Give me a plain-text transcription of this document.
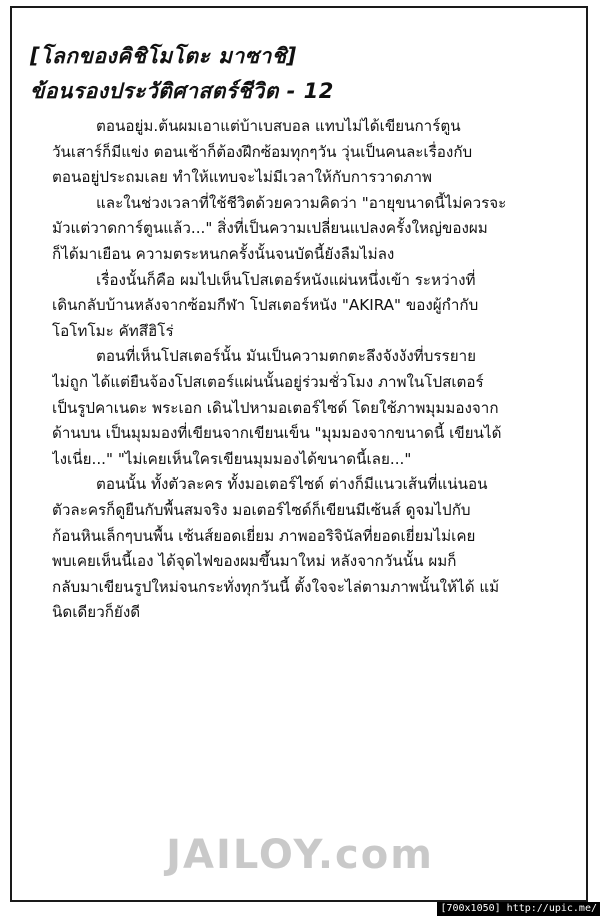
[โลกของคิชิโมโตะ มาซาชิ]
ข้อนรองประวัติศาสตร์ชีวิต - 12
ตอนอยู่ม.ต้นผมเอาแต่บ้าเบสบอล แทบไม่ได้เขียนการ์ตูน
วันเสาร์ก็มีแข่ง ตอนเช้าก็ต้องฝึกซ้อมทุกๆวัน วุ่นเป็นคนละเรื่องกับ
ตอนอยู่ประถมเลย ทำให้แทบจะไม่มีเวลาให้กับการวาดภาพ
และในช่วงเวลาที่ใช้ชีวิตด้วยความคิดว่า "อายุขนาดนี้ไม่ควรจะ
มัวแต่วาดการ์ตูนแล้ว..." สิ่งที่เป็นความเปลี่ยนแปลงครั้งใหญ่ของผม
ก็ได้มาเยือน ความตระหนกครั้งนั้นจนบัดนี้ยังลืมไม่ลง
เรื่องนั้นก็คือ ผมไปเห็นโปสเตอร์หนังแผ่นหนึ่งเข้า ระหว่างที่
เดินกลับบ้านหลังจากซ้อมกีฬา โปสเตอร์หนัง "AKIRA" ของผู้กำกับ
โอโทโมะ คัทสึฮิโร่
ตอนที่เห็นโปสเตอร์นั้น มันเป็นความตกตะลึงจังงังที่บรรยาย
ไม่ถูก ได้แต่ยืนจ้องโปสเตอร์แผ่นนั้นอยู่ร่วมชั่วโมง ภาพในโปสเตอร์
เป็นรูปคาเนดะ พระเอก เดินไปหามอเตอร์ไซด์ โดยใช้ภาพมุมมองจาก
ด้านบน เป็นมุมมองที่เขียนจากเขียนเข็น "มุมมองจากขนาดนี้ เขียนได้
ไงเนี่ย..." "ไม่เคยเห็นใครเขียนมุมมองได้ขนาดนี้เลย..."
ตอนนั้น ทั้งตัวละคร ทั้งมอเตอร์ไซด์ ต่างก็มีแนวเส้นที่แน่นอน
ตัวละครก็ดูยืนกับพื้นสมจริง มอเตอร์ไซด์ก็เขียนมีเซ้นส์ ดูจมไปกับ
ก้อนหินเล็กๆบนพื้น เซ้นส์ยอดเยี่ยม ภาพออริจินัลที่ยอดเยี่ยมไม่เคย
พบเคยเห็นนี้เอง ได้จุดไฟของผมขึ้นมาใหม่ หลังจากวันนั้น ผมก็
กลับมาเขียนรูปใหม่จนกระทั่งทุกวันนี้ ตั้งใจจะไล่ตามภาพนั้นให้ได้ แม้
นิดเดียวก็ยังดี
JAILOY.com
[700x1050] http://upic.me/
